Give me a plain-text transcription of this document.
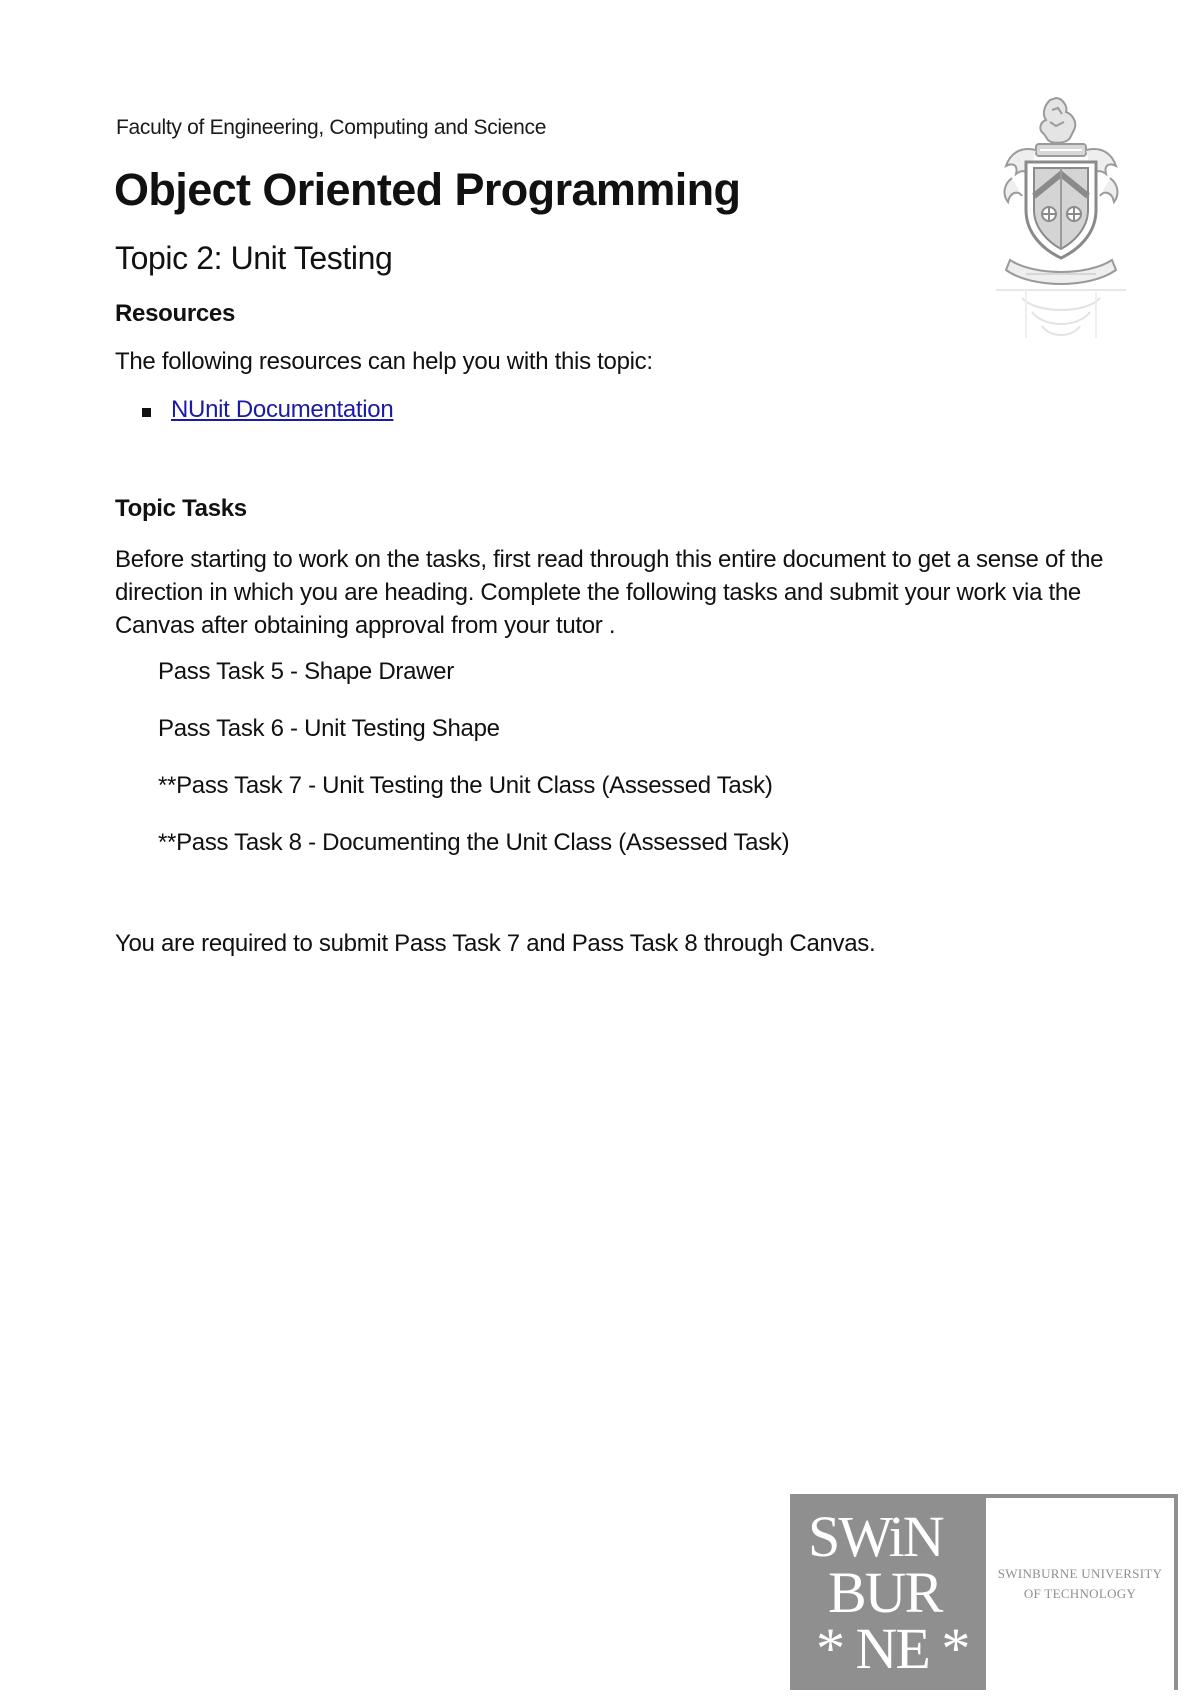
Faculty of Engineering, Computing and Science
Object Oriented Programming
Topic 2: Unit Testing
Resources
The following resources can help you with this topic:
NUnit Documentation
Topic Tasks
Before starting to work on the tasks, first read through this entire document to get a sense of the direction in which you are heading. Complete the following tasks and submit your work via the Canvas after obtaining approval from your tutor .
Pass Task 5 - Shape Drawer
Pass Task 6 - Unit Testing Shape
**Pass Task 7 - Unit Testing the Unit Class (Assessed Task)
**Pass Task 8 - Documenting the Unit Class (Assessed Task)
You are required to submit Pass Task 7 and Pass Task 8 through Canvas.
SWiN
BUR
* NE *
SWINBURNE UNIVERSITY
OF TECHNOLOGY
